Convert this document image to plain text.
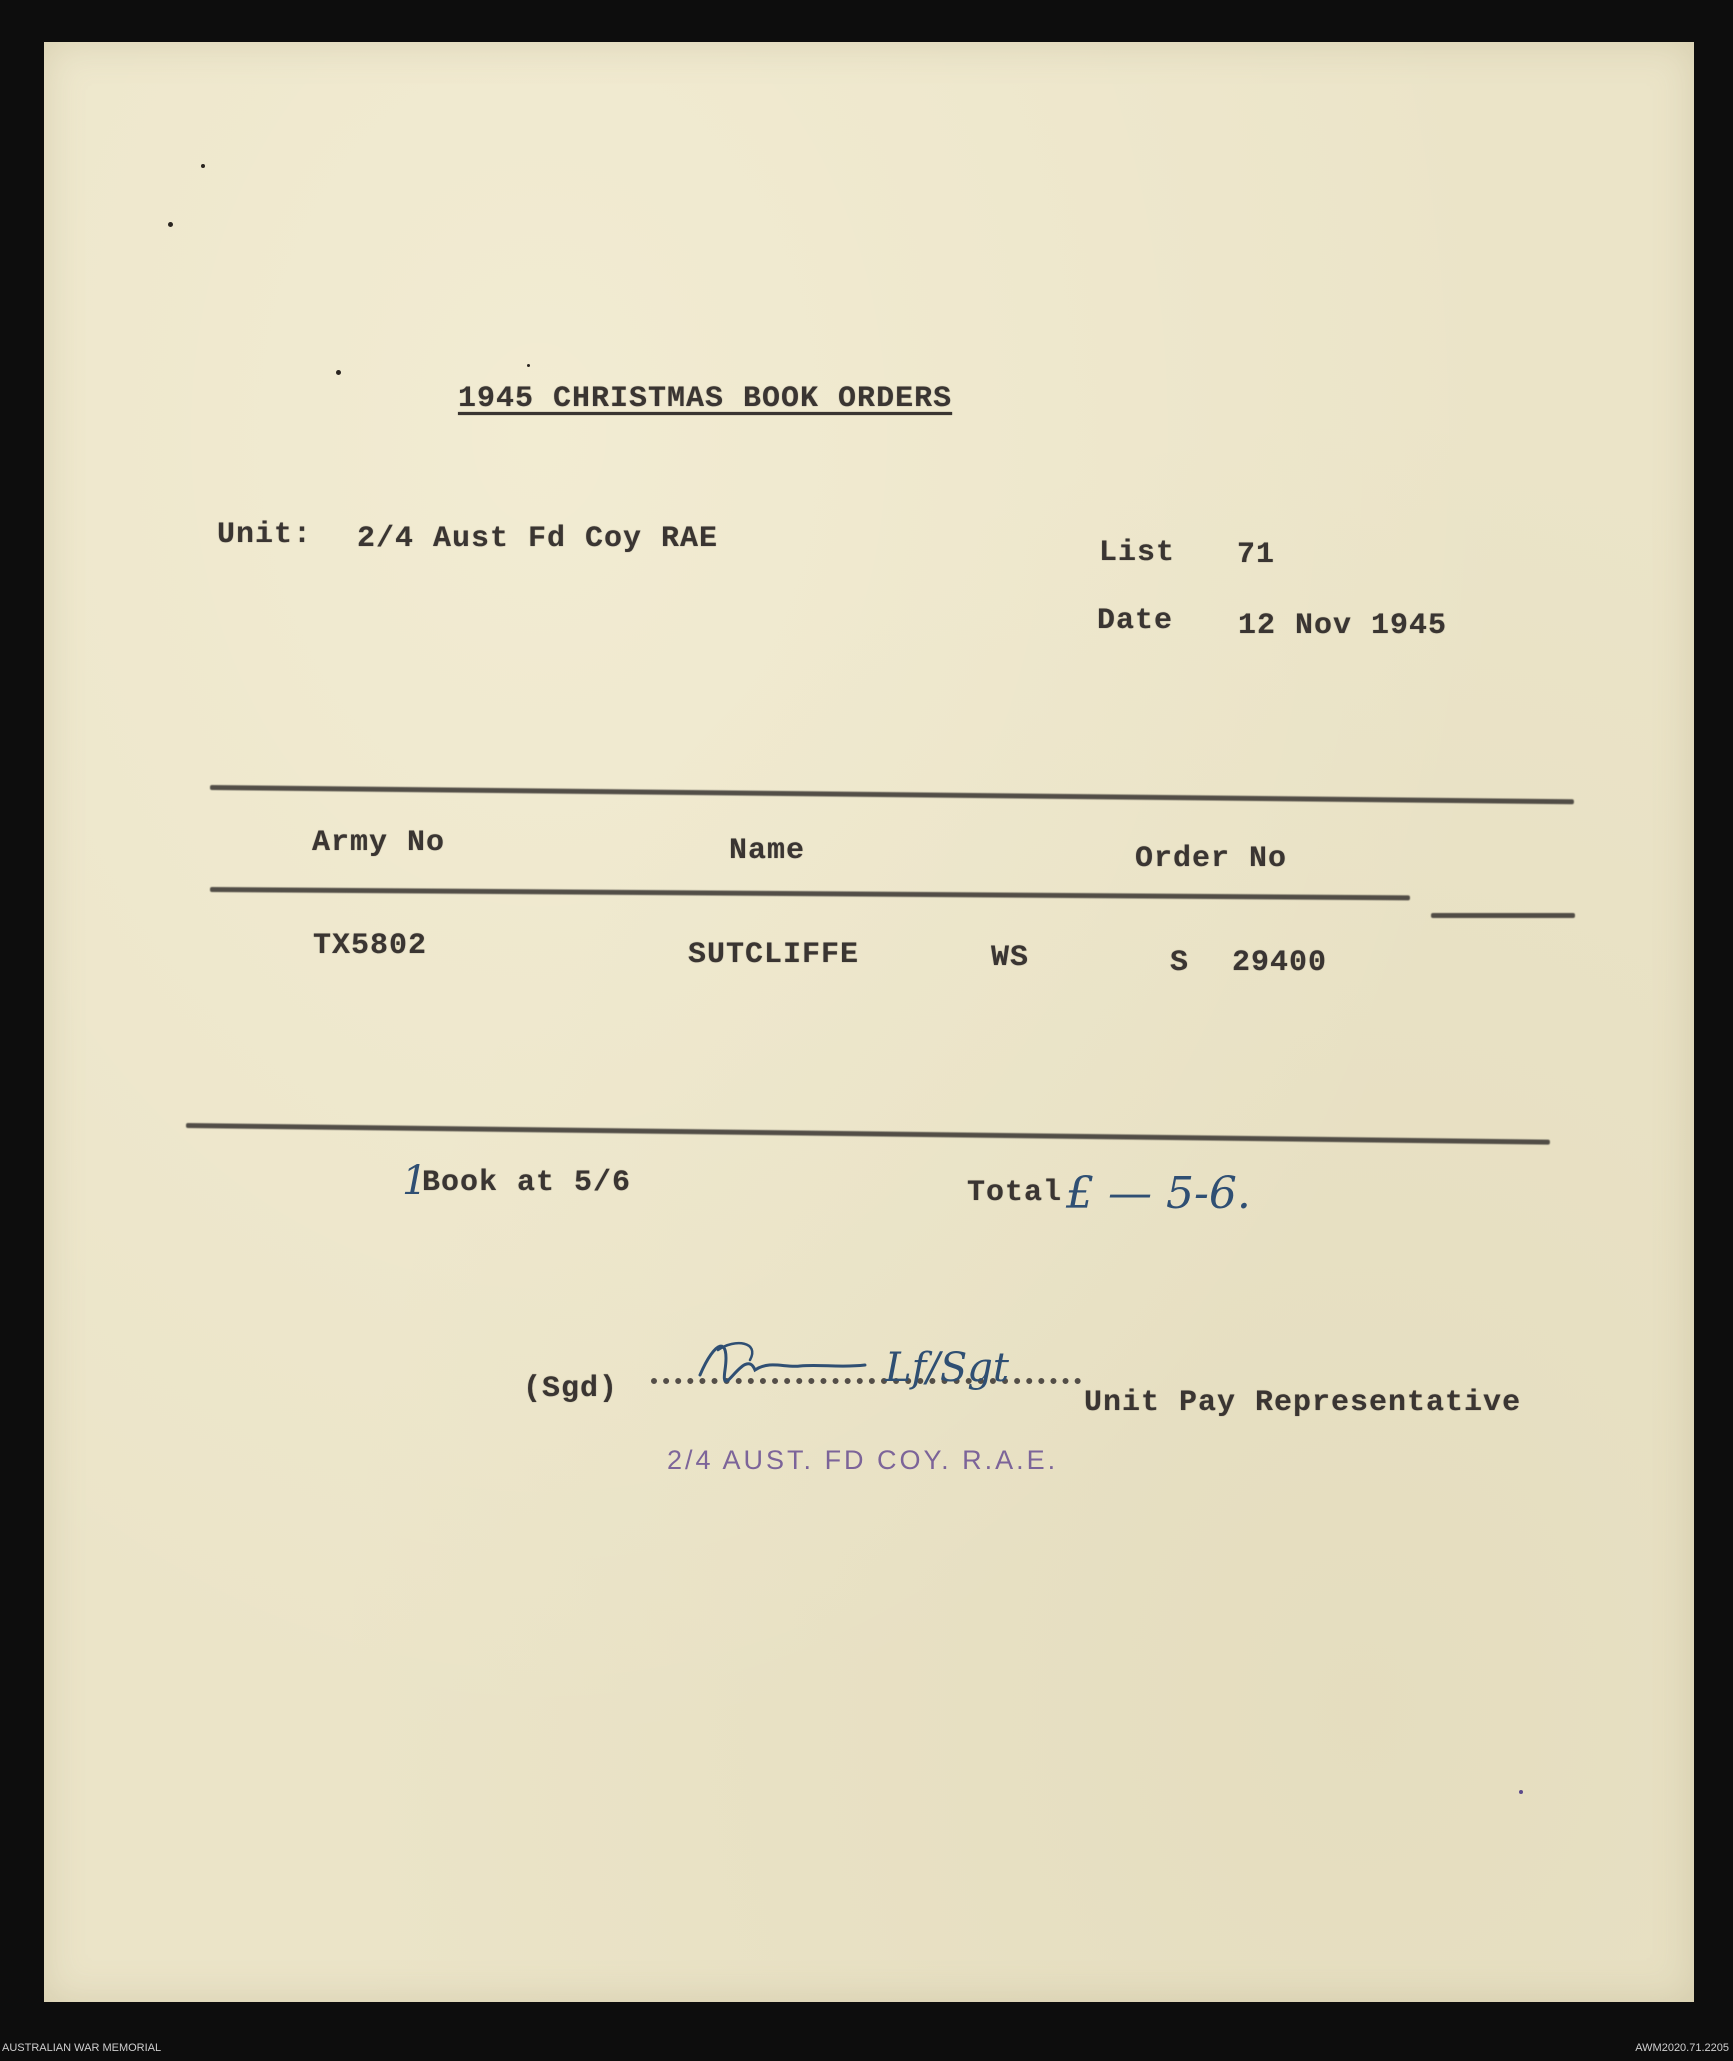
1945 CHRISTMAS BOOK ORDERS
Unit: 2/4 Aust Fd Coy RAE	List 71
Date 12 Nov 1945
Army No	Name	Order No
TX5802	SUTCLIFFE	WS	S 29400
1
Book at 5/6	Total £ — 5-6.
(Sgd)	Lf/Sgt
Unit Pay Representative
2/4 AUST. FD COY. R.A.E.
AUSTRALIAN WAR MEMORIAL	AWM2020.71.2205
